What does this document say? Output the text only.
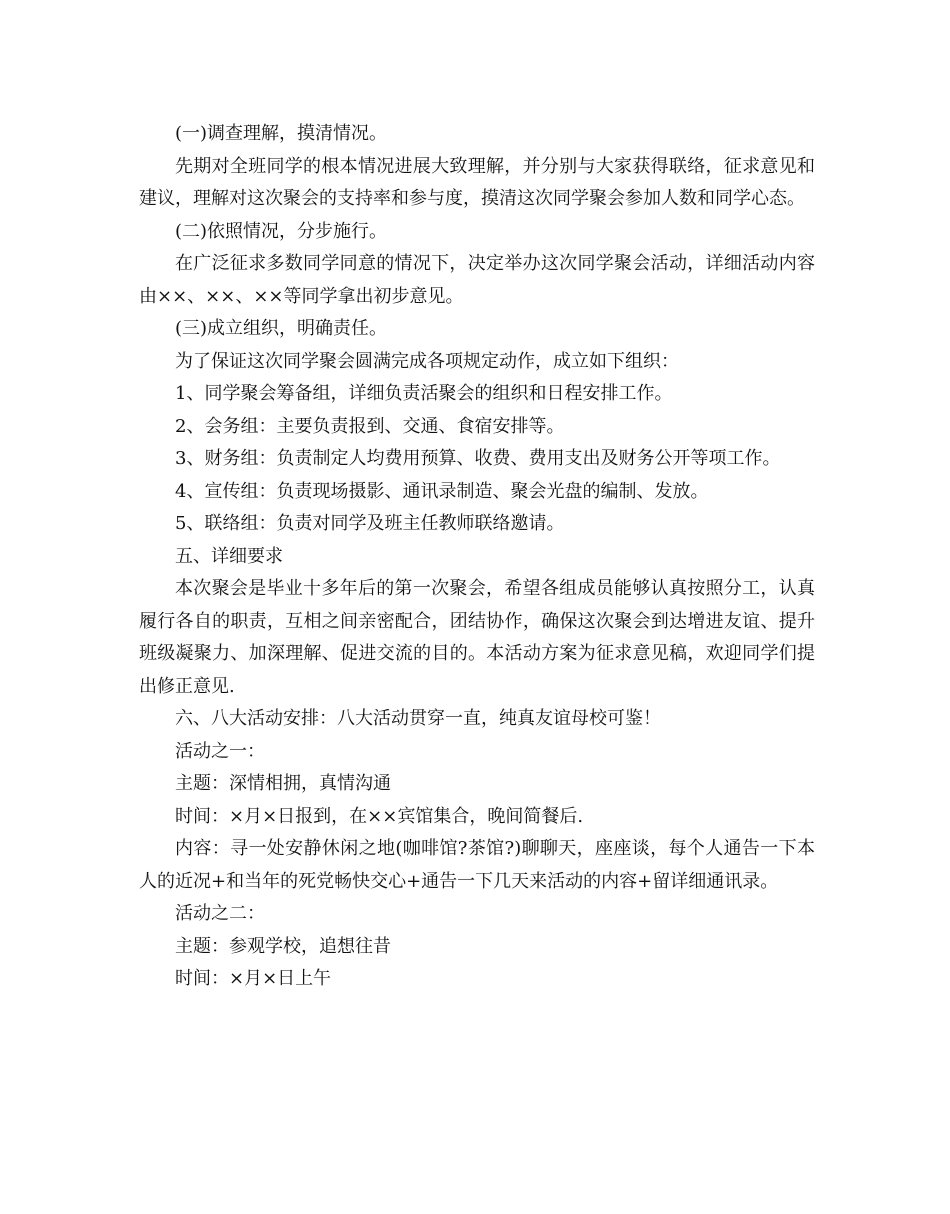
(一)调查理解，摸清情况。

先期对全班同学的根本情况进展大致理解，并分别与大家获得联络，征求意见和建议，理解对这次聚会的支持率和参与度，摸清这次同学聚会参加人数和同学心态。

(二)依照情况，分步施行。

在广泛征求多数同学同意的情况下，决定举办这次同学聚会活动，详细活动内容由××、××、××等同学拿出初步意见。

(三)成立组织，明确责任。

为了保证这次同学聚会圆满完成各项规定动作，成立如下组织：

1、同学聚会筹备组，详细负责活聚会的组织和日程安排工作。

2、会务组：主要负责报到、交通、食宿安排等。

3、财务组：负责制定人均费用预算、收费、费用支出及财务公开等项工作。

4、宣传组：负责现场摄影、通讯录制造、聚会光盘的编制、发放。

5、联络组：负责对同学及班主任教师联络邀请。

五、详细要求

本次聚会是毕业十多年后的第一次聚会，希望各组成员能够认真按照分工，认真履行各自的职责，互相之间亲密配合，团结协作，确保这次聚会到达增进友谊、提升班级凝聚力、加深理解、促进交流的目的。本活动方案为征求意见稿，欢迎同学们提出修正意见.

六、八大活动安排：八大活动贯穿一直，纯真友谊母校可鉴！

活动之一：

主题：深情相拥，真情沟通

时间：×月×日报到，在××宾馆集合，晚间简餐后.

内容：寻一处安静休闲之地(咖啡馆?茶馆?)聊聊天，座座谈，每个人通告一下本人的近况+和当年的死党畅快交心+通告一下几天来活动的内容+留详细通讯录。

活动之二：

主题：参观学校，追想往昔

时间：×月×日上午
